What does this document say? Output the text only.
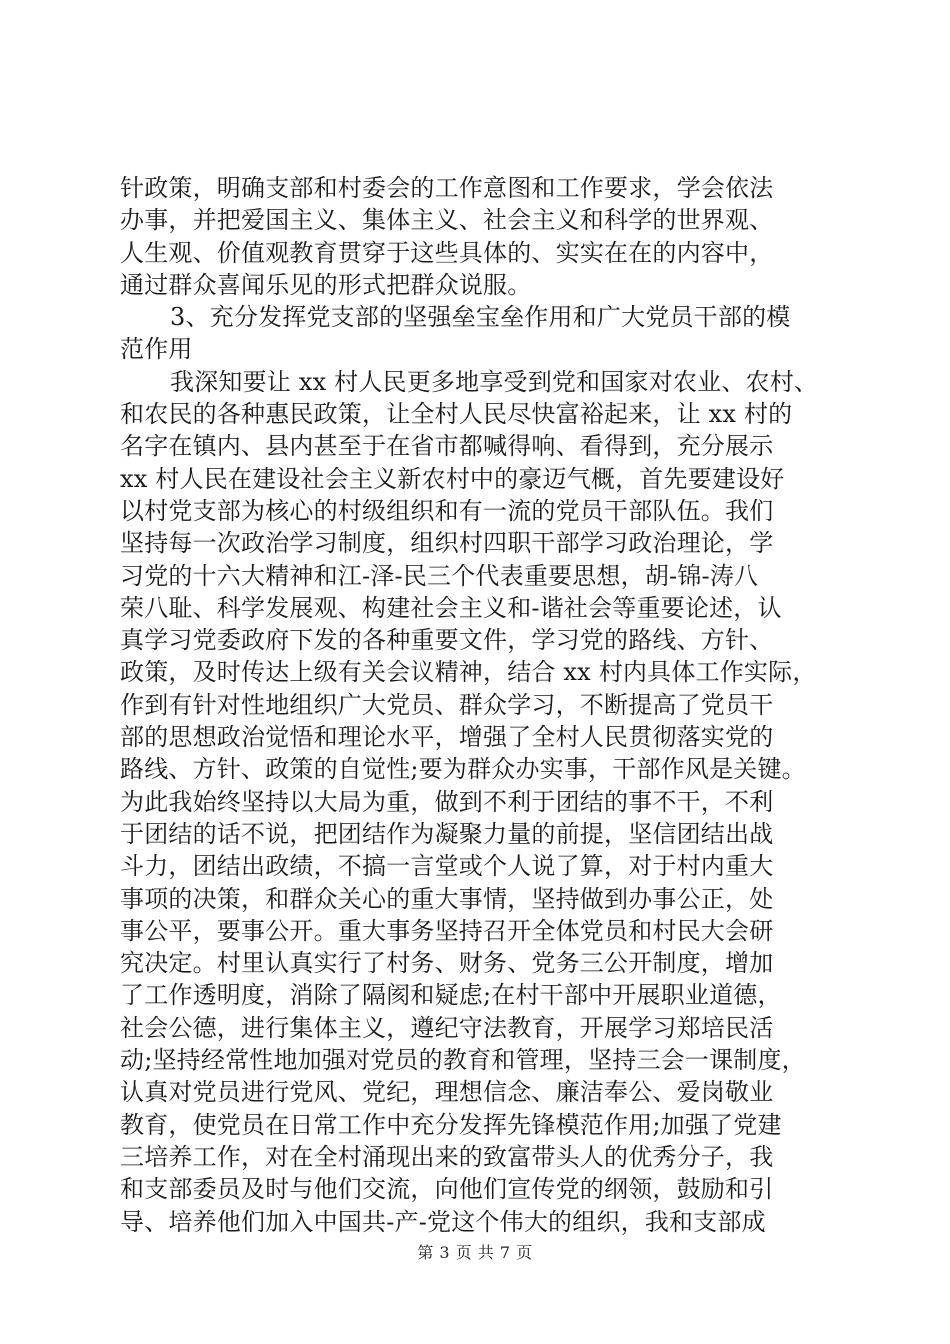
针政策，明确支部和村委会的工作意图和工作要求，学会依法
办事，并把爱国主义、集体主义、社会主义和科学的世界观、
人生观、价值观教育贯穿于这些具体的、实实在在的内容中，
通过群众喜闻乐见的形式把群众说服。
3、充分发挥党支部的坚强垒宝垒作用和广大党员干部的模
范作用
我深知要让 xx 村人民更多地享受到党和国家对农业、农村、
和农民的各种惠民政策，让全村人民尽快富裕起来，让 xx 村的
名字在镇内、县内甚至于在省市都喊得响、看得到，充分展示
xx 村人民在建设社会主义新农村中的豪迈气概，首先要建设好
以村党支部为核心的村级组织和有一流的党员干部队伍。我们
坚持每一次政治学习制度，组织村四职干部学习政治理论，学
习党的十六大精神和江-泽-民三个代表重要思想，胡-锦-涛八
荣八耻、科学发展观、构建社会主义和-谐社会等重要论述，认
真学习党委政府下发的各种重要文件，学习党的路线、方针、
政策，及时传达上级有关会议精神，结合 xx 村内具体工作实际，
作到有针对性地组织广大党员、群众学习，不断提高了党员干
部的思想政治觉悟和理论水平，增强了全村人民贯彻落实党的
路线、方针、政策的自觉性;要为群众办实事，干部作风是关键。
为此我始终坚持以大局为重，做到不利于团结的事不干，不利
于团结的话不说，把团结作为凝聚力量的前提，坚信团结出战
斗力，团结出政绩，不搞一言堂或个人说了算，对于村内重大
事项的决策，和群众关心的重大事情，坚持做到办事公正，处
事公平，要事公开。重大事务坚持召开全体党员和村民大会研
究决定。村里认真实行了村务、财务、党务三公开制度，增加
了工作透明度，消除了隔阂和疑虑;在村干部中开展职业道德，
社会公德，进行集体主义，遵纪守法教育，开展学习郑培民活
动;坚持经常性地加强对党员的教育和管理，坚持三会一课制度，
认真对党员进行党风、党纪，理想信念、廉洁奉公、爱岗敬业
教育，使党员在日常工作中充分发挥先锋模范作用;加强了党建
三培养工作，对在全村涌现出来的致富带头人的优秀分子，我
和支部委员及时与他们交流，向他们宣传党的纲领，鼓励和引
导、培养他们加入中国共-产-党这个伟大的组织，我和支部成
第 3 页 共 7 页
